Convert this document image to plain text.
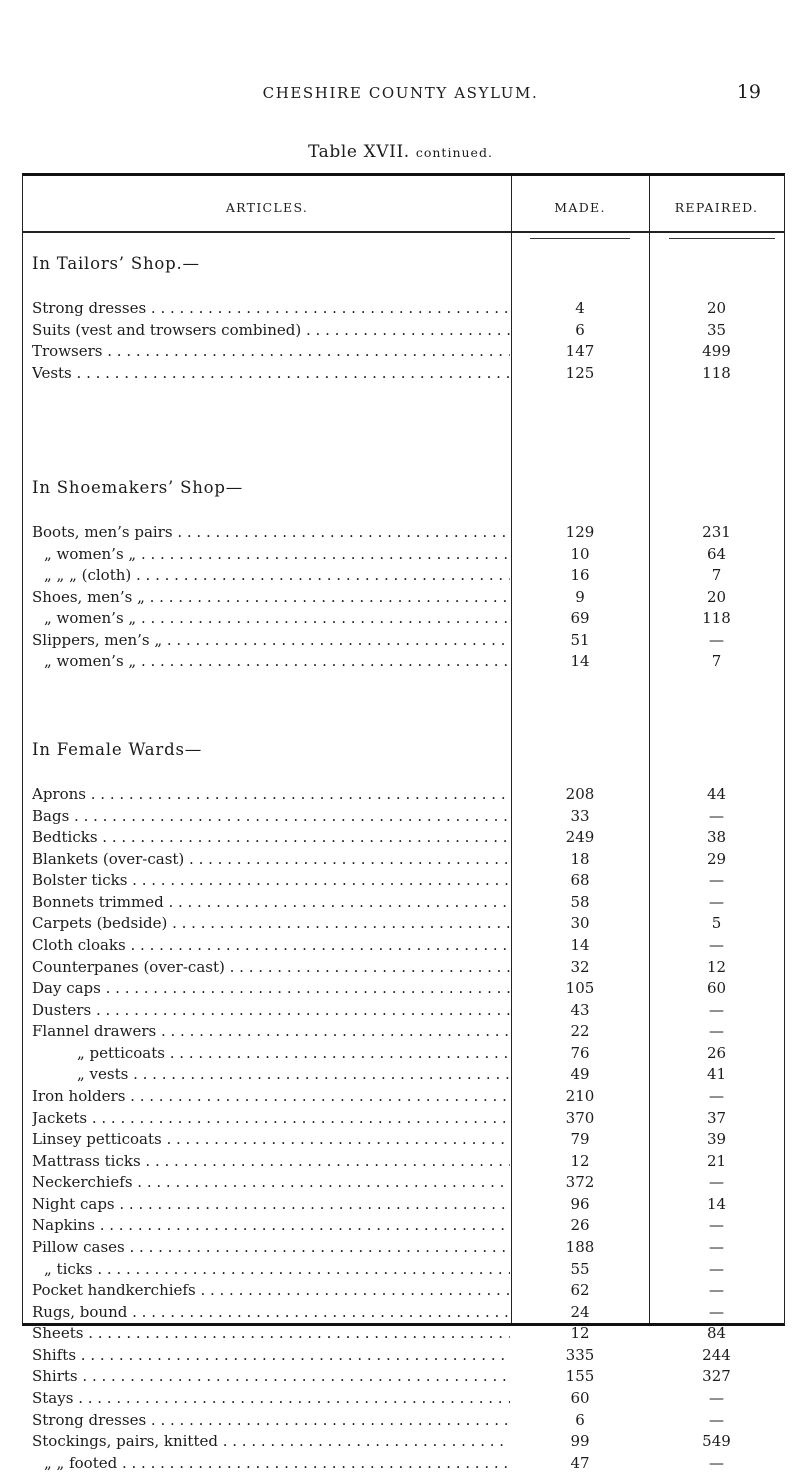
CHESHIRE COUNTY ASYLUM.	19
Table XVII. continued.
ARTICLES.	MADE.	REPAIRED.
In Tailors’ Shop.—
Strong dresses . . .	4	20
Suits (vest and trowsers combined) . . .	6	35
Trowsers . . .	147	499
Vests . . .	125	118
In Shoemakers’ Shop—
Boots, men’s pairs . . .	129	231
„ women’s „ . . .	10	64
„ „ „ (cloth) . . .	16	7
Shoes, men’s „ . . .	9	20
„ women’s „ . . .	69	118
Slippers, men’s „ . . .	51	—
„ women’s „ . . .	14	7
In Female Wards—
Aprons . . .	208	44
Bags . . .	33	—
Bedticks . . .	249	38
Blankets (over-cast) . . .	18	29
Bolster ticks . . .	68	—
Bonnets trimmed . . .	58	—
Carpets (bedside) . . .	30	5
Cloth cloaks . . .	14	—
Counterpanes (over-cast) . . .	32	12
Day caps . . .	105	60
Dusters . . .	43	—
Flannel drawers . . .	22	—
„ petticoats . . .	76	26
„ vests . . .	49	41
Iron holders . . .	210	—
Jackets . . .	370	37
Linsey petticoats . . .	79	39
Mattrass ticks . . .	12	21
Neckerchiefs . . .	372	—
Night caps . . .	96	14
Napkins . . .	26	—
Pillow cases . . .	188	—
„ ticks . . .	55	—
Pocket handkerchiefs . . .	62	—
Rugs, bound . . .	24	—
Sheets . . .	12	84
Shifts . . .	335	244
Shirts . . .	155	327
Stays . . .	60	—
Strong dresses . . .	6	—
Stockings, pairs, knitted . . .	99	549
„ „ footed . . .	47	—
